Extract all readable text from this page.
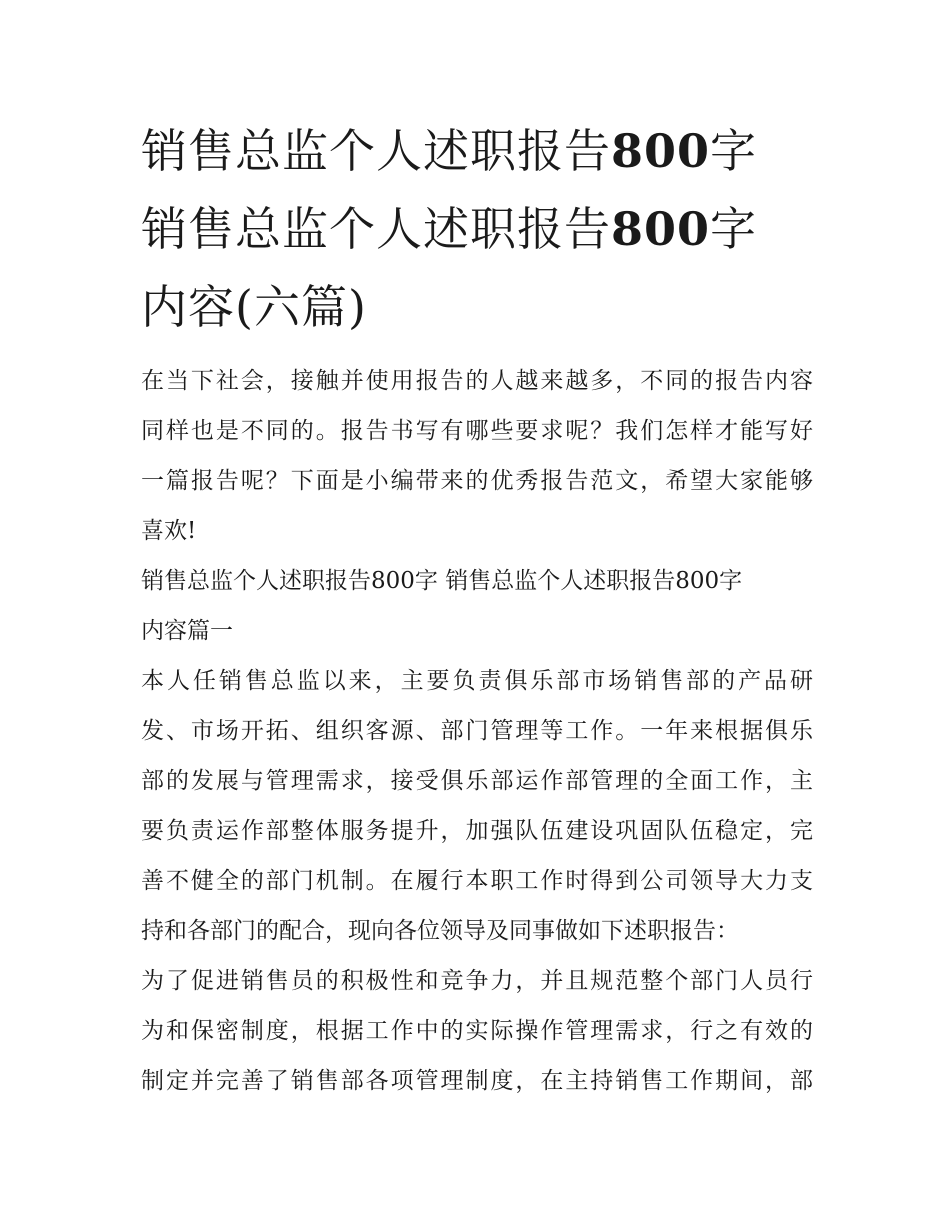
销售总监个人述职报告800字
销售总监个人述职报告800字
内容(六篇)

在当下社会，接触并使用报告的人越来越多，不同的报告内容
同样也是不同的。报告书写有哪些要求呢？我们怎样才能写好
一篇报告呢？下面是小编带来的优秀报告范文，希望大家能够
喜欢!

销售总监个人述职报告800字 销售总监个人述职报告800字
内容篇一

本人任销售总监以来，主要负责俱乐部市场销售部的产品研
发、市场开拓、组织客源、部门管理等工作。一年来根据俱乐
部的发展与管理需求，接受俱乐部运作部管理的全面工作，主
要负责运作部整体服务提升，加强队伍建设巩固队伍稳定，完
善不健全的部门机制。在履行本职工作时得到公司领导大力支
持和各部门的配合，现向各位领导及同事做如下述职报告：

为了促进销售员的积极性和竞争力，并且规范整个部门人员行
为和保密制度，根据工作中的实际操作管理需求，行之有效的
制定并完善了销售部各项管理制度，在主持销售工作期间，部
